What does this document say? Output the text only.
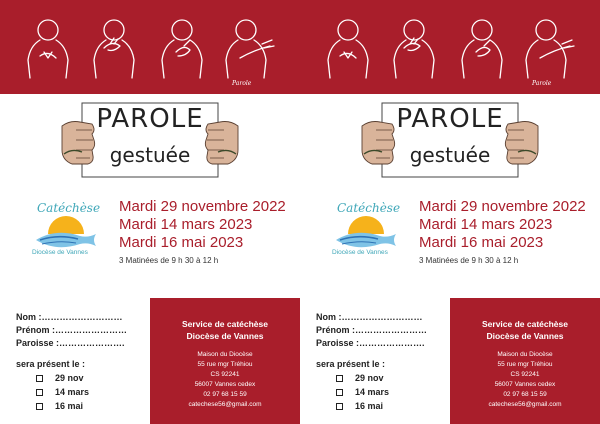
Parole
PAROLE
gestuée
Catéchèse
Diocèse de Vannes
Mardi 29 novembre 2022
Mardi 14 mars 2023
Mardi 16 mai 2023
3 Matinées de 9 h 30 à 12 h
Nom :………………………
Prénom :……………………
Paroisse :………………….
sera présent le :
29 nov
14 mars
16 mai
Service de catéchèse
Diocèse de Vannes
Maison du Diocèse
55 rue mgr Tréhiou
CS 92241
56007 Vannes cedex
02 97 68 15 59
catechese56@gmail.com
Parole
PAROLE
gestuée
Catéchèse
Diocèse de Vannes
Mardi 29 novembre 2022
Mardi 14 mars 2023
Mardi 16 mai 2023
3 Matinées de 9 h 30 à 12 h
Nom :………………………
Prénom :……………………
Paroisse :………………….
sera présent le :
29 nov
14 mars
16 mai
Service de catéchèse
Diocèse de Vannes
Maison du Diocèse
55 rue mgr Tréhiou
CS 92241
56007 Vannes cedex
02 97 68 15 59
catechese56@gmail.com
